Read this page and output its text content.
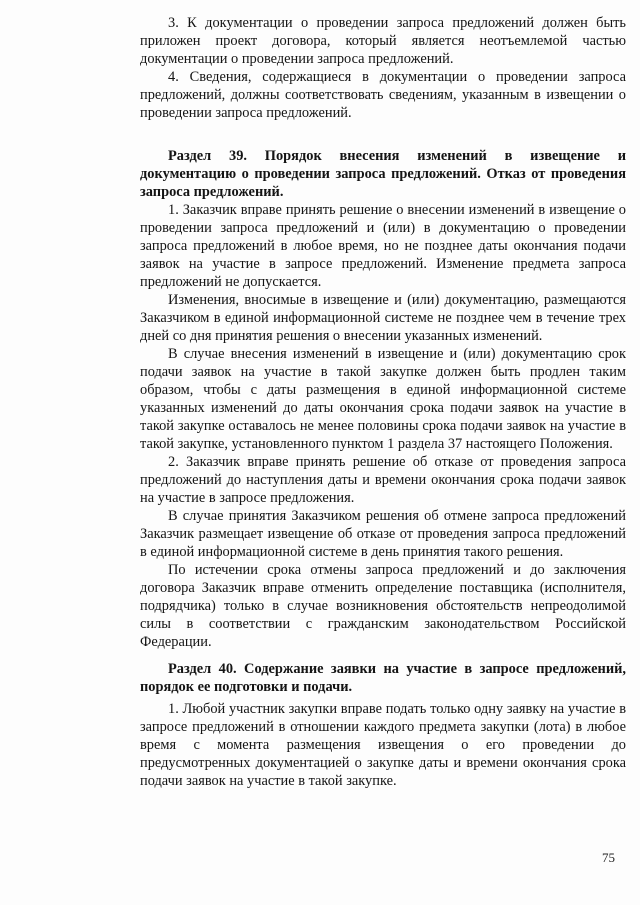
3. К документации о проведении запроса предложений должен быть приложен проект договора, который является неотъемлемой частью документации о проведении запроса предложений.

4. Сведения, содержащиеся в документации о проведении запроса предложений, должны соответствовать сведениям, указанным в извещении о проведении запроса предложений.

Раздел 39. Порядок внесения изменений в извещение и документацию о проведении запроса предложений. Отказ от проведения запроса предложений.

1. Заказчик вправе принять решение о внесении изменений в извещение о проведении запроса предложений и (или) в документацию о проведении запроса предложений в любое время, но не позднее даты окончания подачи заявок на участие в запросе предложений. Изменение предмета запроса предложений не допускается.

Изменения, вносимые в извещение и (или) документацию, размещаются Заказчиком в единой информационной системе не позднее чем в течение трех дней со дня принятия решения о внесении указанных изменений.

В случае внесения изменений в извещение и (или) документацию срок подачи заявок на участие в такой закупке должен быть продлен таким образом, чтобы с даты размещения в единой информационной системе указанных изменений до даты окончания срока подачи заявок на участие в такой закупке оставалось не менее половины срока подачи заявок на участие в такой закупке, установленного пунктом 1 раздела 37 настоящего Положения.

2. Заказчик вправе принять решение об отказе от проведения запроса предложений до наступления даты и времени окончания срока подачи заявок на участие в запросе предложения.

В случае принятия Заказчиком решения об отмене запроса предложений Заказчик размещает извещение об отказе от проведения запроса предложений в единой информационной системе в день принятия такого решения.

По истечении срока отмены запроса предложений и до заключения договора Заказчик вправе отменить определение поставщика (исполнителя, подрядчика) только в случае возникновения обстоятельств непреодолимой силы в соответствии с гражданским законодательством Российской Федерации.

Раздел 40. Содержание заявки на участие в запросе предложений, порядок ее подготовки и подачи.

1. Любой участник закупки вправе подать только одну заявку на участие в запросе предложений в отношении каждого предмета закупки (лота) в любое время с момента размещения извещения о его проведении до предусмотренных документацией о закупке даты и времени окончания срока подачи заявок на участие в такой закупке.

75
